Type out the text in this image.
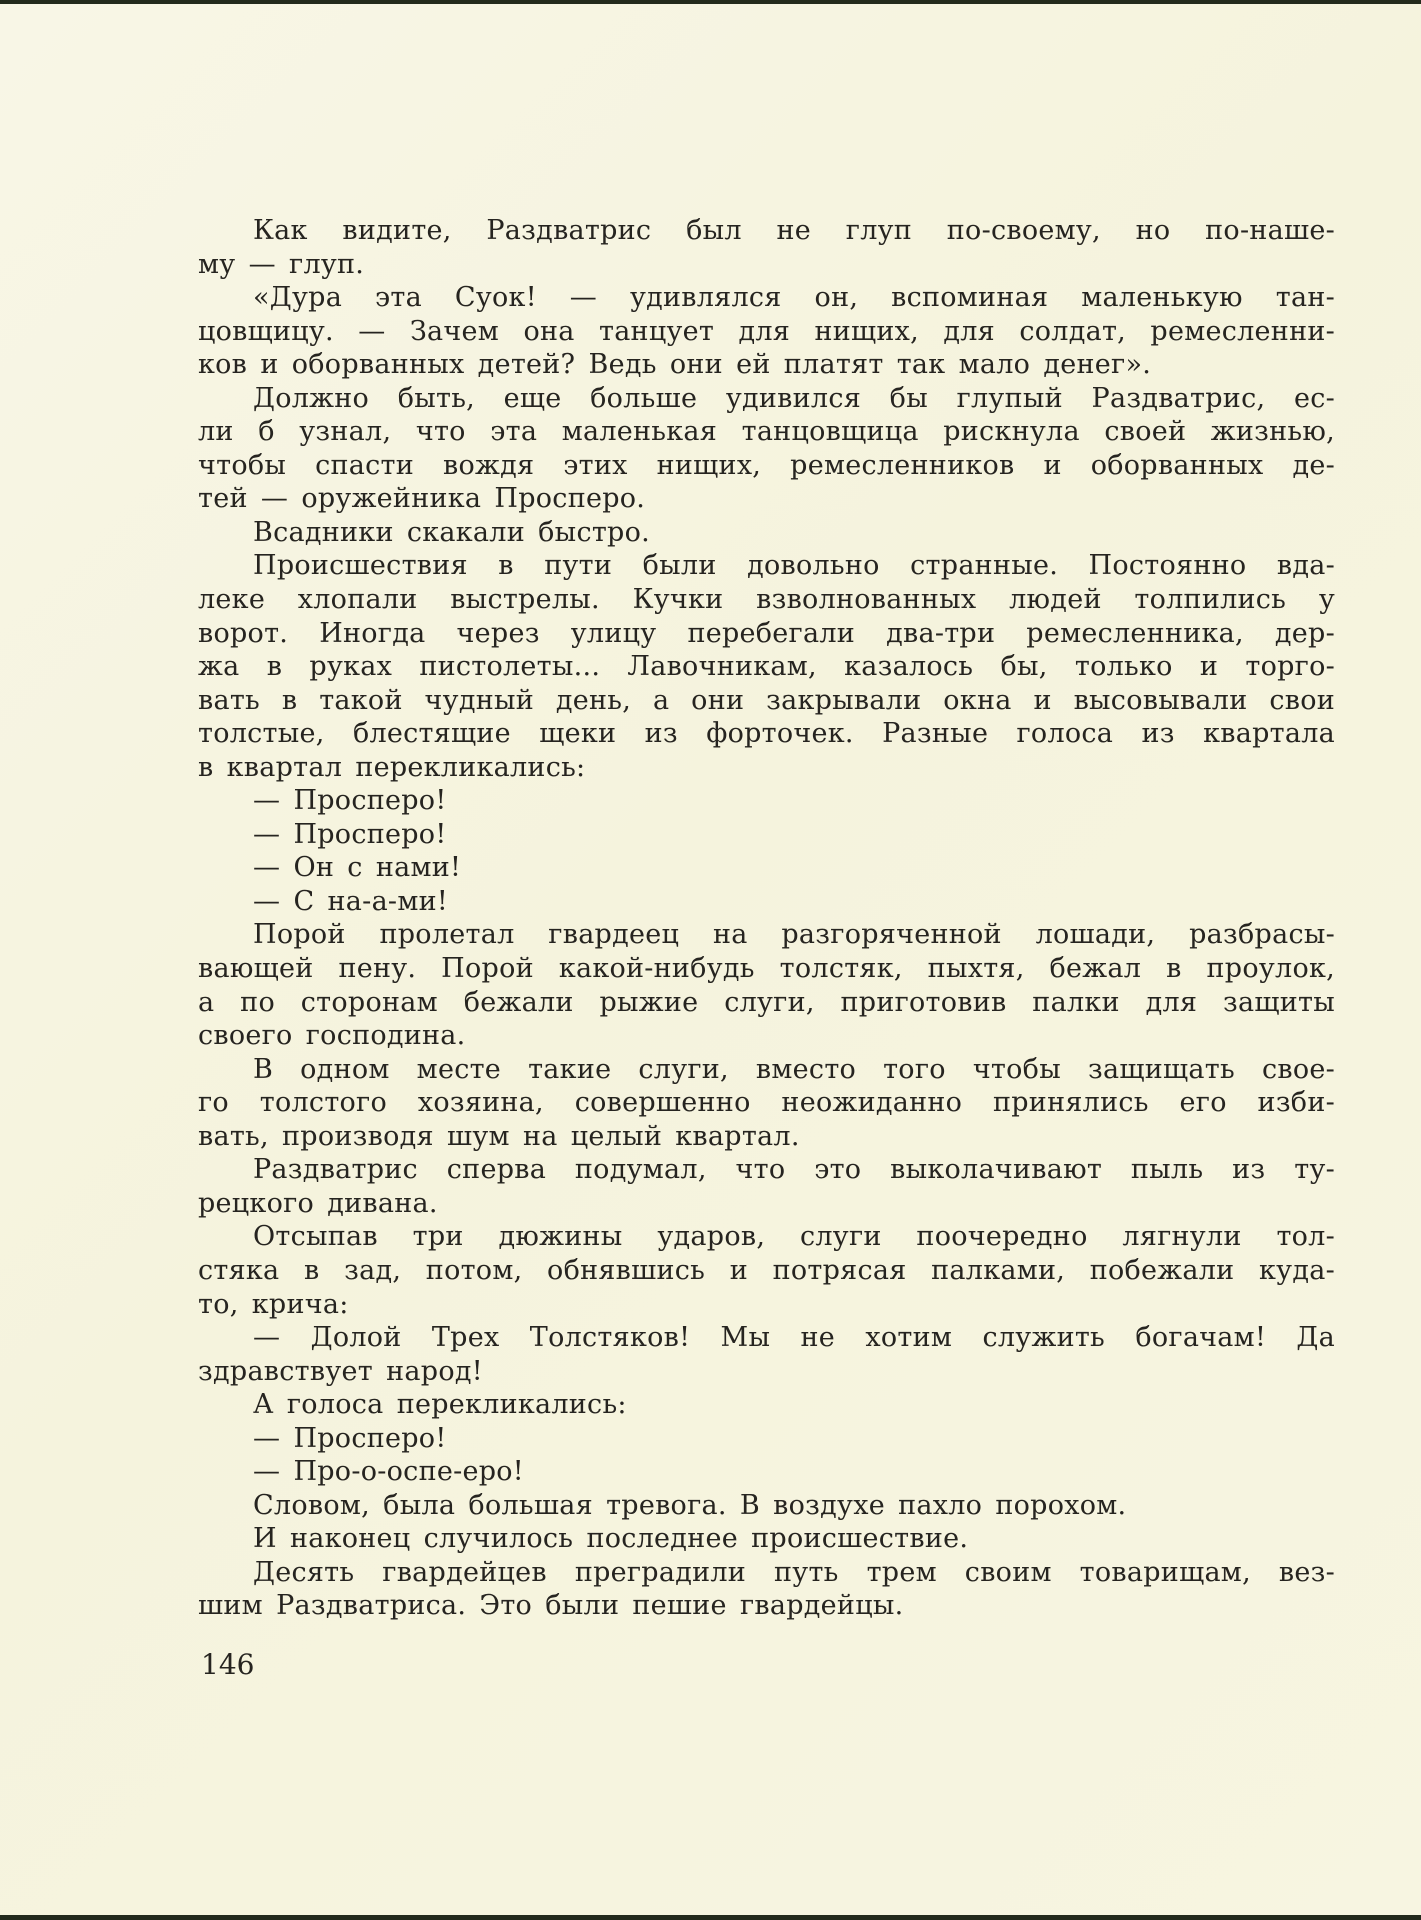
Как видите, Раздватрис был не глуп по-своему, но по-наше-
му — глуп.
«Дура эта Суок! — удивлялся он, вспоминая маленькую тан-
цовщицу. — Зачем она танцует для нищих, для солдат, ремесленни-
ков и оборванных детей? Ведь они ей платят так мало денег».
Должно быть, еще больше удивился бы глупый Раздватрис, ес-
ли б узнал, что эта маленькая танцовщица рискнула своей жизнью,
чтобы спасти вождя этих нищих, ремесленников и оборванных де-
тей — оружейника Просперо.
Всадники скакали быстро.
Происшествия в пути были довольно странные. Постоянно вда-
леке хлопали выстрелы. Кучки взволнованных людей толпились у
ворот. Иногда через улицу перебегали два-три ремесленника, дер-
жа в руках пистолеты... Лавочникам, казалось бы, только и торго-
вать в такой чудный день, а они закрывали окна и высовывали свои
толстые, блестящие щеки из форточек. Разные голоса из квартала
в квартал перекликались:
— Просперо!
— Просперо!
— Он с нами!
— С на-а-ми!
Порой пролетал гвардеец на разгоряченной лошади, разбрасы-
вающей пену. Порой какой-нибудь толстяк, пыхтя, бежал в проулок,
а по сторонам бежали рыжие слуги, приготовив палки для защиты
своего господина.
В одном месте такие слуги, вместо того чтобы защищать свое-
го толстого хозяина, совершенно неожиданно принялись его изби-
вать, производя шум на целый квартал.
Раздватрис сперва подумал, что это выколачивают пыль из ту-
рецкого дивана.
Отсыпав три дюжины ударов, слуги поочередно лягнули тол-
стяка в зад, потом, обнявшись и потрясая палками, побежали куда-
то, крича:
— Долой Трех Толстяков! Мы не хотим служить богачам! Да
здравствует народ!
А голоса перекликались:
— Просперо!
— Про-о-оспе-еро!
Словом, была большая тревога. В воздухе пахло порохом.
И наконец случилось последнее происшествие.
Десять гвардейцев преградили путь трем своим товарищам, вез-
шим Раздватриса. Это были пешие гвардейцы.
146
